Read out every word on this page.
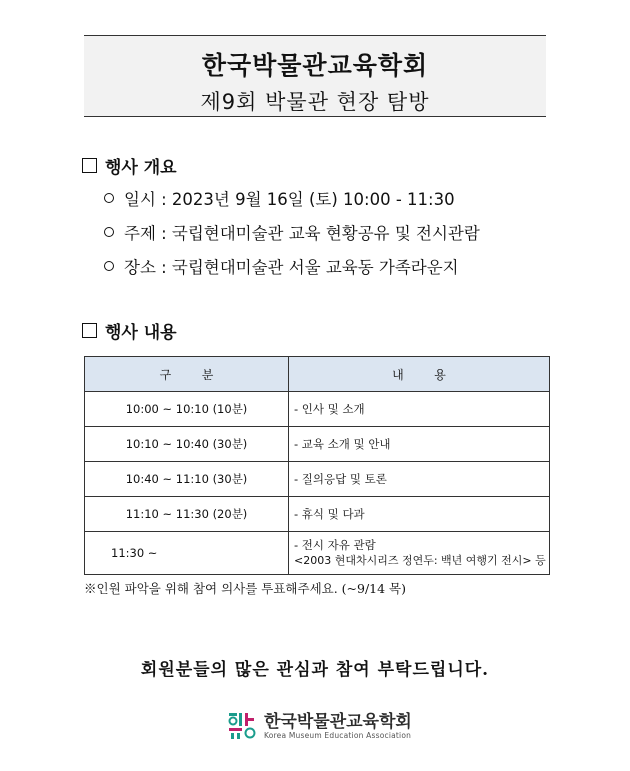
한국박물관교육학회
제9회 박물관 현장 탐방
행사 개요
일시 : 2023년 9월 16일 (토) 10:00 - 11:30
주제 : 국립현대미술관 교육 현황공유 및 전시관람
장소 : 국립현대미술관 서울 교육동 가족라운지
행사 내용
구        분	내        용
10:00 ~ 10:10 (10분)	- 인사 및 소개
10:10 ~ 10:40 (30분)	- 교육 소개 및 안내
10:40 ~ 11:10 (30분)	- 질의응답 및 토론
11:10 ~ 11:30 (20분)	- 휴식 및 다과
11:30 ~	- 전시 자유 관람
<2003 현대차시리즈 정연두: 백년 여행기 전시> 등
※인원 파악을 위해 참여 의사를 투표해주세요. (~9/14 목)
회원분들의 많은 관심과 참여 부탁드립니다.
한국박물관교육학회
Korea Museum Education Association
